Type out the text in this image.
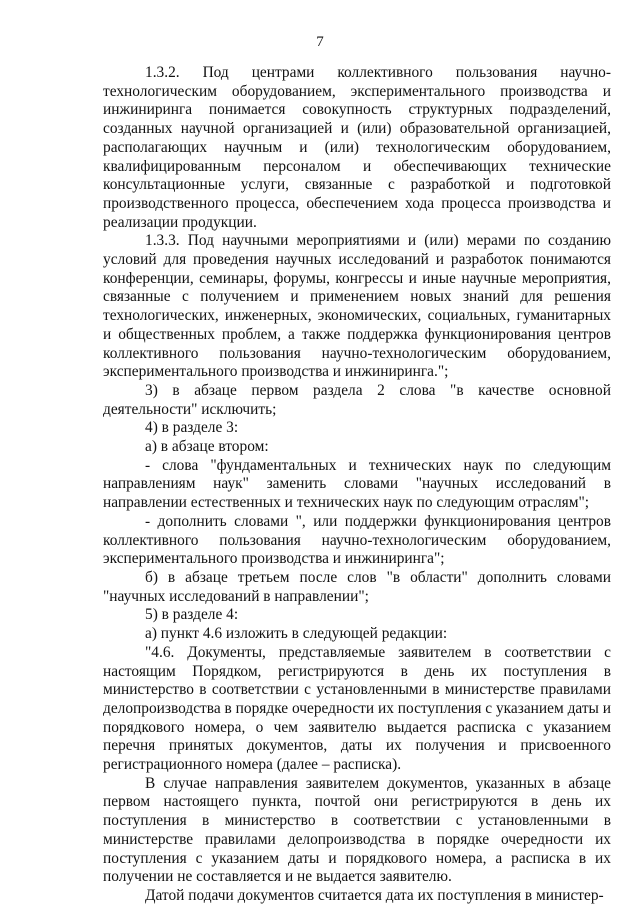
7

1.3.2. Под центрами коллективного пользования научно-технологическим оборудованием, экспериментального производства и инжиниринга понимается совокупность структурных подразделений, созданных научной организацией и (или) образовательной организацией, располагающих научным и (или) технологическим оборудованием, квалифицированным персоналом и обеспечивающих технические консультационные услуги, связанные с разработкой и подготовкой производственного процесса, обеспечением хода процесса производства и реализации продукции.

1.3.3. Под научными мероприятиями и (или) мерами по созданию условий для проведения научных исследований и разработок понимаются конференции, семинары, форумы, конгрессы и иные научные мероприятия, связанные с получением и применением новых знаний для решения технологических, инженерных, экономических, социальных, гуманитарных и общественных проблем, а также поддержка функционирования центров коллективного пользования научно-технологическим оборудованием, экспериментального производства и инжиниринга.";

3) в абзаце первом раздела 2 слова "в качестве основной деятельности" исключить;

4) в разделе 3:

а) в абзаце втором:

- слова "фундаментальных и технических наук по следующим направлениям наук" заменить словами "научных исследований в направлении естественных и технических наук по следующим отраслям";

- дополнить словами ", или поддержки функционирования центров коллективного пользования научно-технологическим оборудованием, экспериментального производства и инжиниринга";

б) в абзаце третьем после слов "в области" дополнить словами "научных исследований в направлении";

5) в разделе 4:

а) пункт 4.6 изложить в следующей редакции:

"4.6. Документы, представляемые заявителем в соответствии с настоящим Порядком, регистрируются в день их поступления в министерство в соответствии с установленными в министерстве правилами делопроизводства в порядке очередности их поступления с указанием даты и порядкового номера, о чем заявителю выдается расписка с указанием перечня принятых документов, даты их получения и присвоенного регистрационного номера (далее – расписка).

В случае направления заявителем документов, указанных в абзаце первом настоящего пункта, почтой они регистрируются в день их поступления в министерство в соответствии с установленными в министерстве правилами делопроизводства в порядке очередности их поступления с указанием даты и порядкового номера, а расписка в их получении не составляется и не выдается заявителю.

Датой подачи документов считается дата их поступления в министер-
